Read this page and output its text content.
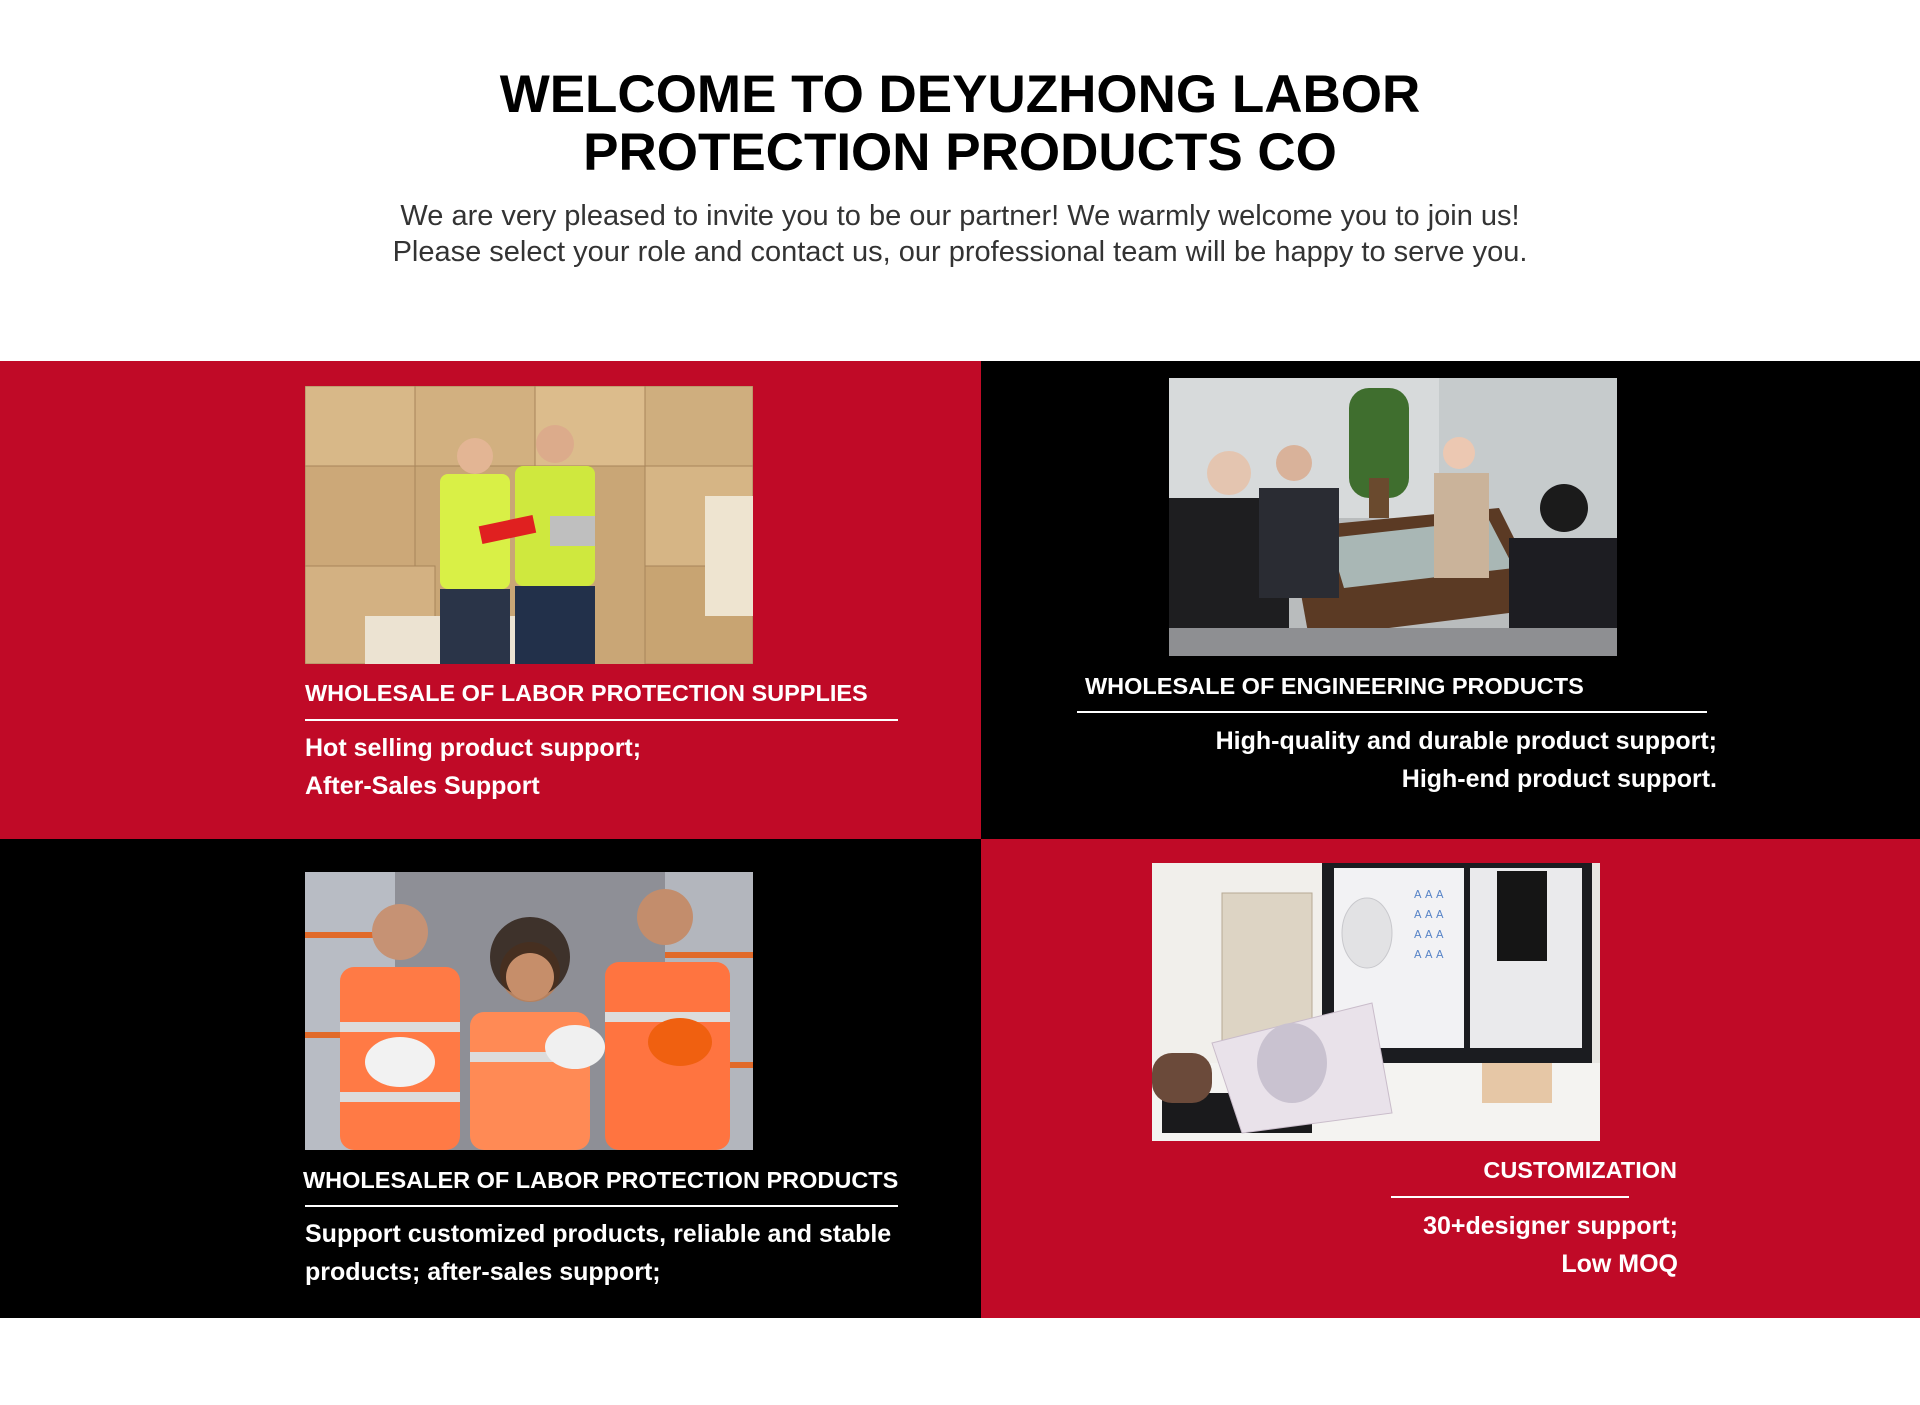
WELCOME TO DEYUZHONG LABOR
PROTECTION PRODUCTS CO

We are very pleased to invite you to be our partner! We warmly welcome you to join us!
Please select your role and contact us, our professional team will be happy to serve you.

WHOLESALE OF LABOR PROTECTION SUPPLIES
Hot selling product support;
After-Sales Support
WHOLESALE OF ENGINEERING PRODUCTS
High-quality and durable product support;
High-end product support.
WHOLESALER OF LABOR PROTECTION PRODUCTS
Support customized products, reliable and stable
products; after-sales support;
A A A
A A A
A A A
A A A
CUSTOMIZATION
30+designer support;
Low MOQ
